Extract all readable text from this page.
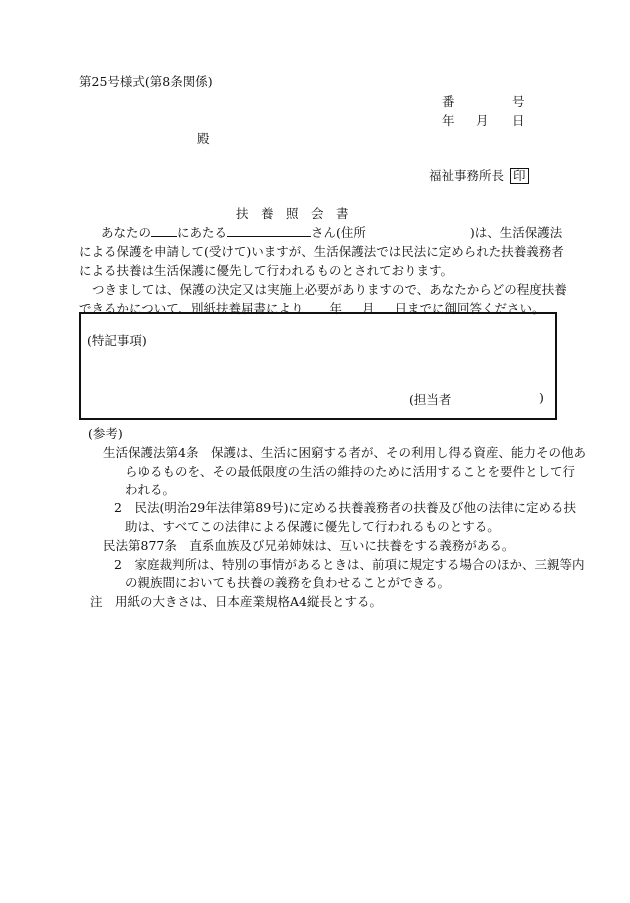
第25号様式(第8条関係)
番	号
年 月 日
殿
福祉事務所長 印
扶　養　照　会　書
あなたの にあたる	さん(住所	)は、生活保護法
による保護を申請して(受けて)いますが、生活保護法では民法に定められた扶養義務者
による扶養は生活保護に優先して行われるものとされております。
つきましては、保護の決定又は実施上必要がありますので、あなたからどの程度扶養
できるかについて、別紙扶養届書により 年 月 日までに御回答ください。
(特記事項)
(担当者	)
(参考)
生活保護法第4条　保護は、生活に困窮する者が、その利用し得る資産、能力その他あ
らゆるものを、その最低限度の生活の維持のために活用することを要件として行
われる。
2　民法(明治29年法律第89号)に定める扶養義務者の扶養及び他の法律に定める扶
助は、すべてこの法律による保護に優先して行われるものとする。
民法第877条　直系血族及び兄弟姉妹は、互いに扶養をする義務がある。
2　家庭裁判所は、特別の事情があるときは、前項に規定する場合のほか、三親等内
の親族間においても扶養の義務を負わせることができる。
注　用紙の大きさは、日本産業規格A4縦長とする。
